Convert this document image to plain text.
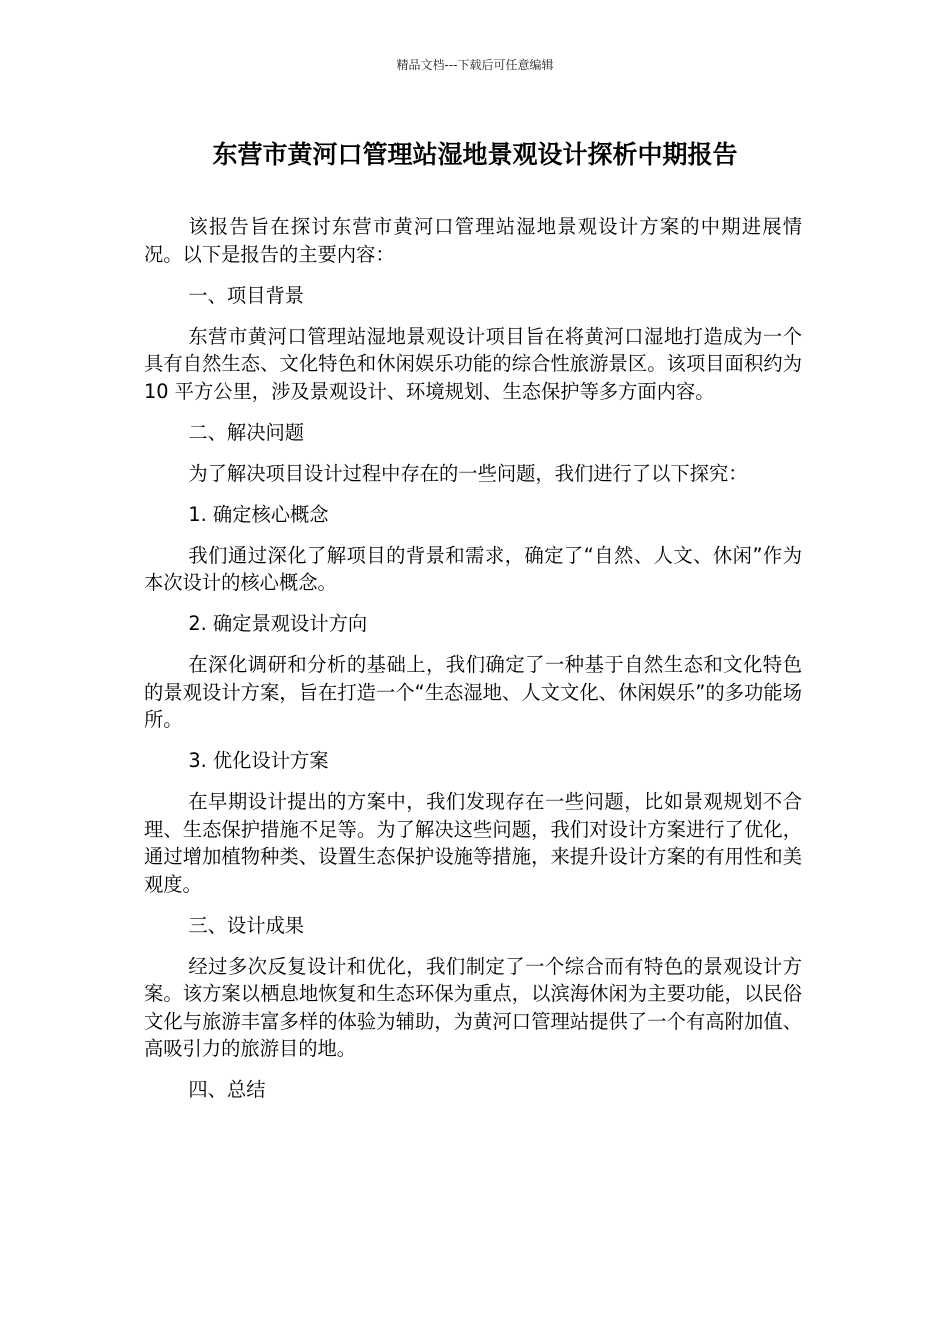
精品文档---下载后可任意编辑
东营市黄河口管理站湿地景观设计探析中期报告

该报告旨在探讨东营市黄河口管理站湿地景观设计方案的中期进展情况。以下是报告的主要内容：

一、项目背景

东营市黄河口管理站湿地景观设计项目旨在将黄河口湿地打造成为一个具有自然生态、文化特色和休闲娱乐功能的综合性旅游景区。该项目面积约为 10 平方公里，涉及景观设计、环境规划、生态保护等多方面内容。

二、解决问题

为了解决项目设计过程中存在的一些问题，我们进行了以下探究：

1. 确定核心概念

我们通过深化了解项目的背景和需求，确定了“自然、人文、休闲”作为本次设计的核心概念。

2. 确定景观设计方向

在深化调研和分析的基础上，我们确定了一种基于自然生态和文化特色的景观设计方案，旨在打造一个“生态湿地、人文文化、休闲娱乐”的多功能场所。

3. 优化设计方案

在早期设计提出的方案中，我们发现存在一些问题，比如景观规划不合理、生态保护措施不足等。为了解决这些问题，我们对设计方案进行了优化，通过增加植物种类、设置生态保护设施等措施，来提升设计方案的有用性和美观度。

三、设计成果

经过多次反复设计和优化，我们制定了一个综合而有特色的景观设计方案。该方案以栖息地恢复和生态环保为重点，以滨海休闲为主要功能，以民俗文化与旅游丰富多样的体验为辅助，为黄河口管理站提供了一个有高附加值、高吸引力的旅游目的地。

四、总结
